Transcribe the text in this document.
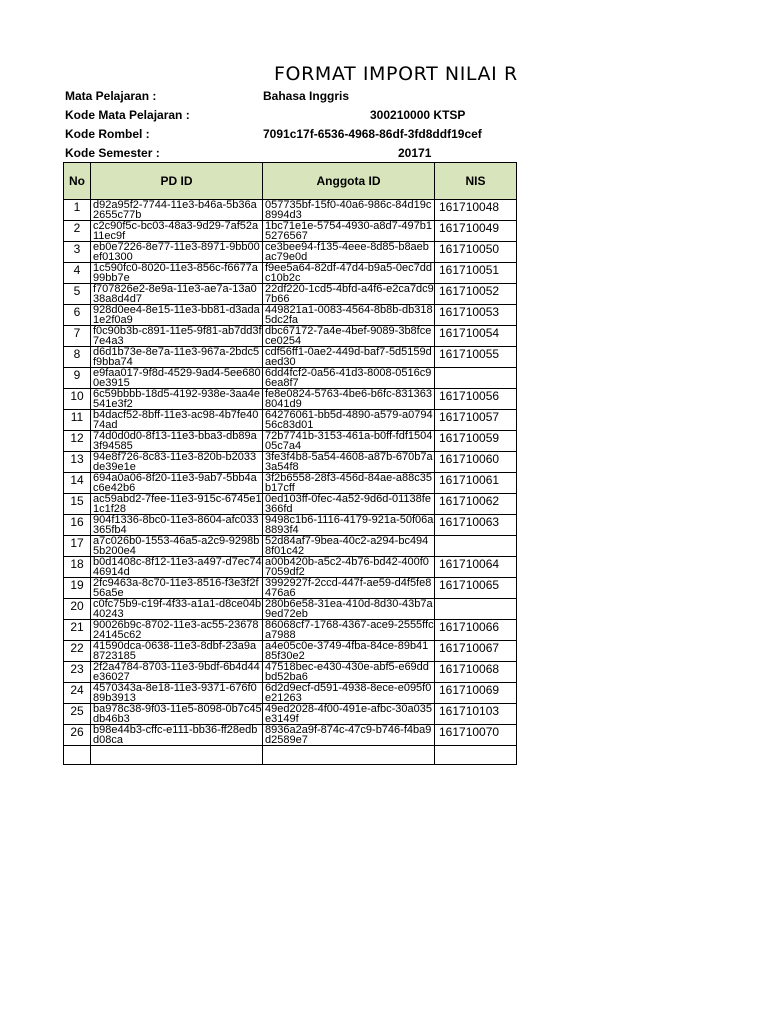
FORMAT IMPORT NILAI R
Mata Pelajaran :	Bahasa Inggris
Kode Mata Pelajaran :	300210000 KTSP
Kode Rombel :	7091c17f-6536-4968-86df-3fd8ddf19cef
Kode Semester :	20171
No	PD ID	Anggota ID	NIS
1	d92a95f2-7744-11e3-b46a-5b36a2655c77b	057735bf-15f0-40a6-986c-84d19c8994d3	161710048
2	c2c90f5c-bc03-48a3-9d29-7af52a11ec9f	1bc71e1e-5754-4930-a8d7-497b15276567	161710049
3	eb0e7226-8e77-11e3-8971-9bb00ef01300	ce3bee94-f135-4eee-8d85-b8aebac79e0d	161710050
4	1c590fc0-8020-11e3-856c-f6677a99bb7e	f9ee5a64-82df-47d4-b9a5-0ec7ddc10b2c	161710051
5	f707826e2-8e9a-11e3-ae7a-13a038a8d4d7	22df220-1cd5-4bfd-a4f6-e2ca7dc97b66	161710052
6	928d0ee4-8e15-11e3-bb81-d3ada1e2f0a9	449821a1-0083-4564-8b8b-db3185dc2fa	161710053
7	f0c90b3b-c891-11e5-9f81-ab7dd3f7e4a3	dbc67172-7a4e-4bef-9089-3b8fcece0254	161710054
8	d6d1b73e-8e7a-11e3-967a-2bdc5f9bba74	cdf56ff1-0ae2-449d-baf7-5d5159daed30	161710055
9	e9faa017-9f8d-4529-9ad4-5ee6800e3915	6dd4fcf2-0a56-41d3-8008-0516c96ea8f7	
10	6c59bbbb-18d5-4192-938e-3aa4e541e3f2	fe8e0824-5763-4be6-b6fc-8313638041d9	161710056
11	b4dacf52-8bff-11e3-ac98-4b7fe4074ad	64276061-bb5d-4890-a579-a079456c83d01	161710057
12	74d0d0d0-8f13-11e3-bba3-db89a3f94585	72b7741b-3153-461a-b0ff-fdf150405c7a4	161710059
13	94e8f726-8c83-11e3-820b-b2033de39e1e	3fe3f4b8-5a54-4608-a87b-670b7a3a54f8	161710060
14	694a0a06-8f20-11e3-9ab7-5bb4ac6e42b6	3f2b6558-28f3-456d-84ae-a88c35b17cff	161710061
15	ac59abd2-7fee-11e3-915c-6745e11c1f28	0ed103ff-0fec-4a52-9d6d-01138fe366fd	161710062
16	904f1336-8bc0-11e3-8604-afc033365fb4	9498c1b6-1116-4179-921a-50f06a8893f4	161710063
17	a7c026b0-1553-46a5-a2c9-9298b5b200e4	52d84af7-9bea-40c2-a294-bc4948f01c42	
18	b0d1408c-8f12-11e3-a497-d7ec7446914d	a00b420b-a5c2-4b76-bd42-400f07059df2	161710064
19	2fc9463a-8c70-11e3-8516-f3e3f2f56a5e	3992927f-2ccd-447f-ae59-d4f5fe8476a6	161710065
20	c0fc75b9-c19f-4f33-a1a1-d8ce04b40243	280b6e58-31ea-410d-8d30-43b7a9ed72eb	
21	90026b9c-8702-11e3-ac55-2367824145c62	86068cf7-1768-4367-ace9-2555ffca7988	161710066
22	41590dca-0638-11e3-8dbf-23a9a8723185	a4e05c0e-3749-4fba-84ce-89b4185f30e2	161710067
23	2f2a4784-8703-11e3-9bdf-6b4d44e36027	47518bec-e430-430e-abf5-e69ddbd52ba6	161710068
24	4570343a-8e18-11e3-9371-676f089b3913	6d2d9ecf-d591-4938-8ece-e095f0e21263	161710069
25	ba978c38-9f03-11e5-8098-0b7c45db46b3	49ed2028-4f00-491e-afbc-30a035e3149f	161710103
26	b98e44b3-cffc-e111-bb36-ff28edbd08ca	8936a2a9f-874c-47c9-b746-f4ba9d2589e7	161710070
